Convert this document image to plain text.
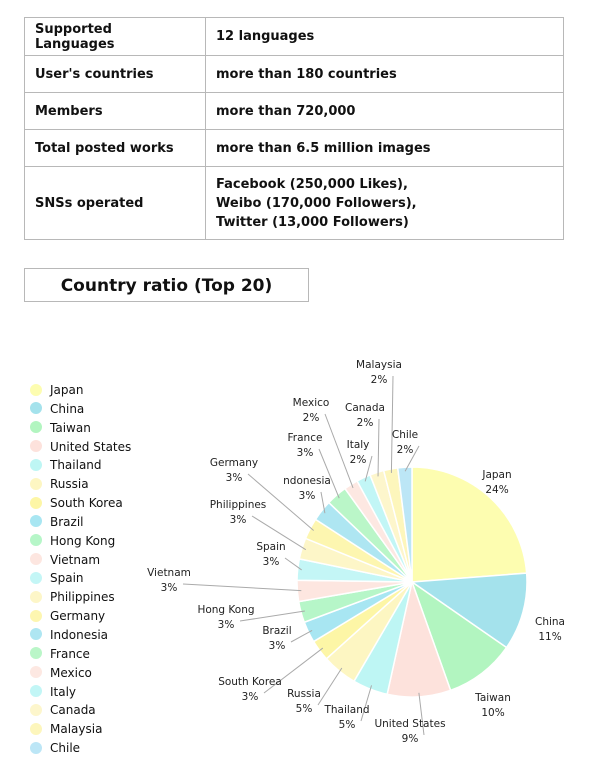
Supported Languages	12 languages

User's countries	more than 180 countries

Members	more than 720,000

Total posted works	more than 6.5 million images

SNSs operated	Facebook (250,000 Likes),
Weibo (170,000 Followers),
Twitter (13,000 Followers)
Country ratio (Top 20)
Japan
China
Taiwan
United States
Thailand
Russia
South Korea
Brazil
Hong Kong
Vietnam
Spain
Philippines
Germany
Indonesia
France
Mexico
Italy
Canada
Malaysia
Chile
Japan
24%
China
11%
Taiwan
10%
United States
9%
Thailand
5%
Russia
5%
South Korea
3%
Brazil
3%
Hong Kong
3%
Vietnam
3%
Spain
3%
Philippines
3%
Germany
3%	ndonesia
3%
France
3%
Mexico
2%
Italy
2%
Canada
2%
Malaysia
2%
Chile
2%
